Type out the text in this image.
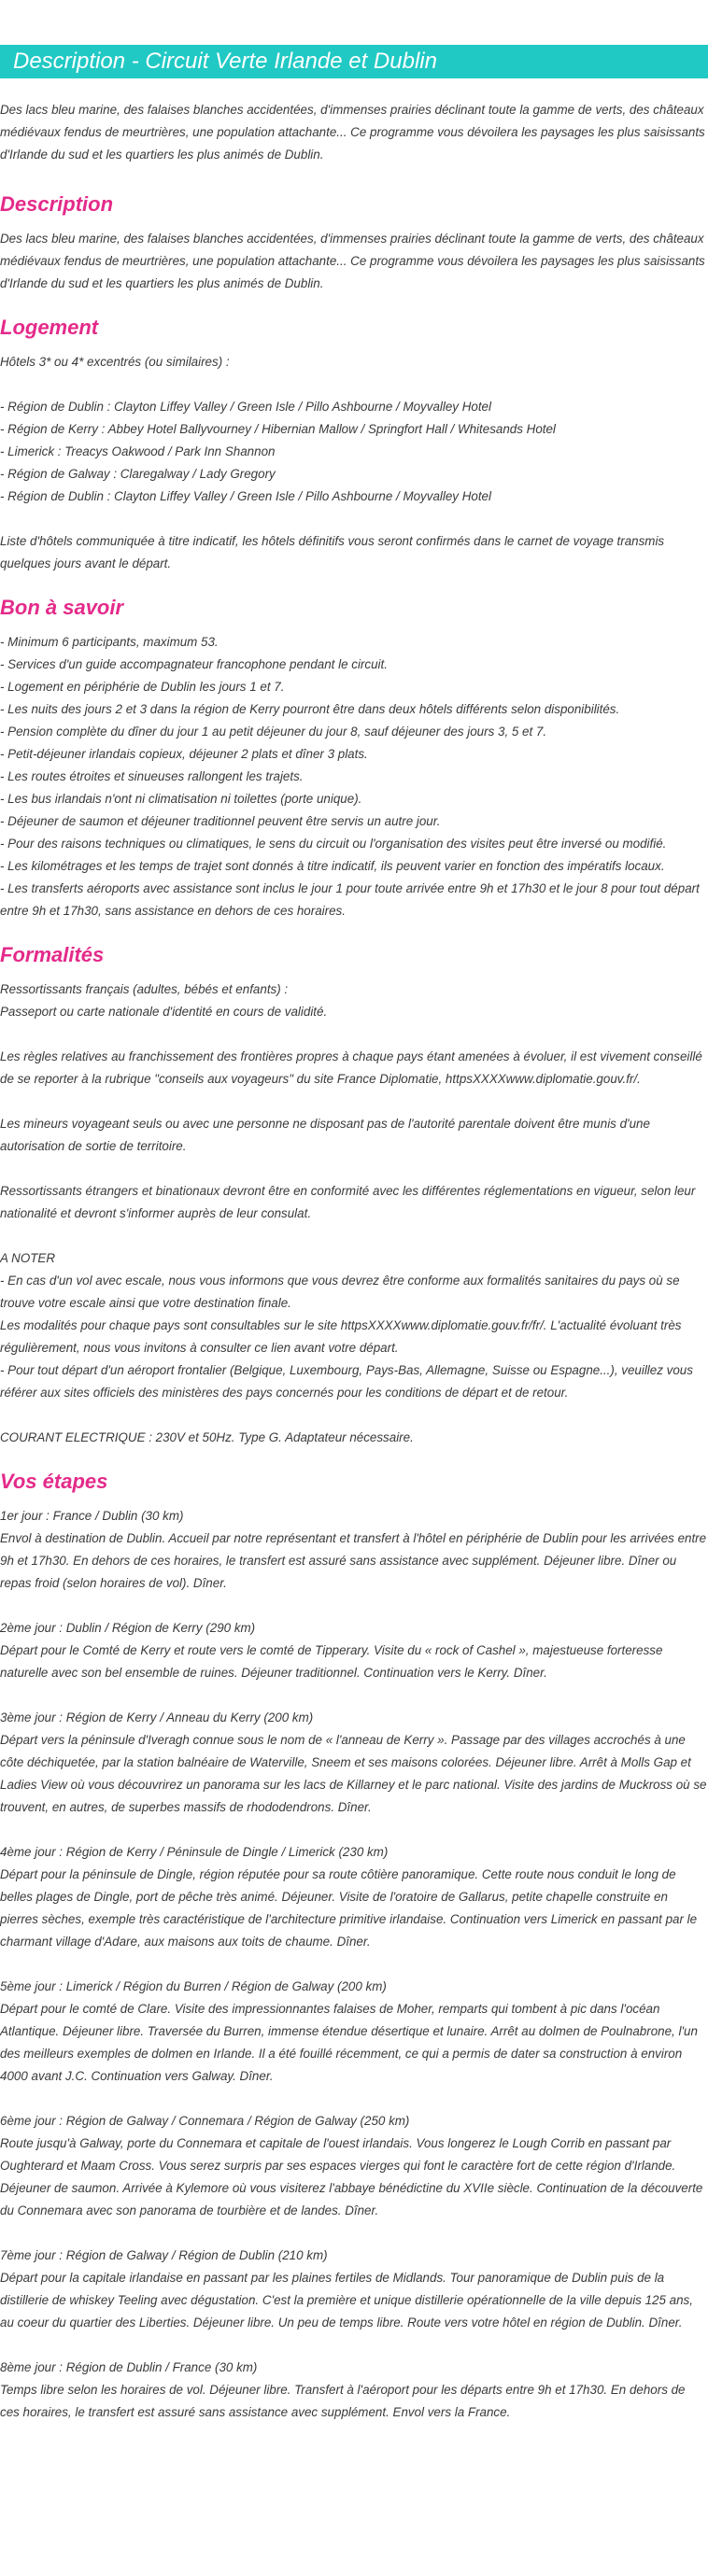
Description - Circuit Verte Irlande et Dublin

Des lacs bleu marine, des falaises blanches accidentées, d'immenses prairies déclinant toute la gamme de verts, des châteaux médiévaux fendus de meurtrières, une population attachante... Ce programme vous dévoilera les paysages les plus saisissants d'Irlande du sud et les quartiers les plus animés de Dublin.

Description

Des lacs bleu marine, des falaises blanches accidentées, d'immenses prairies déclinant toute la gamme de verts, des châteaux médiévaux fendus de meurtrières, une population attachante... Ce programme vous dévoilera les paysages les plus saisissants d'Irlande du sud et les quartiers les plus animés de Dublin.

Logement

Hôtels 3* ou 4* excentrés (ou similaires) :

- Région de Dublin : Clayton Liffey Valley / Green Isle / Pillo Ashbourne / Moyvalley Hotel

- Région de Kerry : Abbey Hotel Ballyvourney / Hibernian Mallow / Springfort Hall / Whitesands Hotel

- Limerick : Treacys Oakwood / Park Inn Shannon

- Région de Galway : Claregalway / Lady Gregory

- Région de Dublin : Clayton Liffey Valley / Green Isle / Pillo Ashbourne / Moyvalley Hotel

Liste d'hôtels communiquée à titre indicatif, les hôtels définitifs vous seront confirmés dans le carnet de voyage transmis quelques jours avant le départ.

Bon à savoir

- Minimum 6 participants, maximum 53.

- Services d'un guide accompagnateur francophone pendant le circuit.

- Logement en périphérie de Dublin les jours 1 et 7.

- Les nuits des jours 2 et 3 dans la région de Kerry pourront être dans deux hôtels différents selon disponibilités.

- Pension complète du dîner du jour 1 au petit déjeuner du jour 8, sauf déjeuner des jours 3, 5 et 7.

- Petit-déjeuner irlandais copieux, déjeuner 2 plats et dîner 3 plats.

- Les routes étroites et sinueuses rallongent les trajets.

- Les bus irlandais n'ont ni climatisation ni toilettes (porte unique).

- Déjeuner de saumon et déjeuner traditionnel peuvent être servis un autre jour.

- Pour des raisons techniques ou climatiques, le sens du circuit ou l'organisation des visites peut être inversé ou modifié.

- Les kilométrages et les temps de trajet sont donnés à titre indicatif, ils peuvent varier en fonction des impératifs locaux.

- Les transferts aéroports avec assistance sont inclus le jour 1 pour toute arrivée entre 9h et 17h30 et le jour 8 pour tout départ entre 9h et 17h30, sans assistance en dehors de ces horaires.

Formalités

Ressortissants français (adultes, bébés et enfants) :

Passeport ou carte nationale d'identité en cours de validité.

Les règles relatives au franchissement des frontières propres à chaque pays étant amenées à évoluer, il est vivement conseillé de se reporter à la rubrique "conseils aux voyageurs" du site France Diplomatie, httpsXXXXwww.diplomatie.gouv.fr/.

Les mineurs voyageant seuls ou avec une personne ne disposant pas de l'autorité parentale doivent être munis d'une autorisation de sortie de territoire.

Ressortissants étrangers et binationaux devront être en conformité avec les différentes réglementations en vigueur, selon leur nationalité et devront s'informer auprès de leur consulat.

A NOTER

- En cas d'un vol avec escale, nous vous informons que vous devrez être conforme aux formalités sanitaires du pays où se trouve votre escale ainsi que votre destination finale.

Les modalités pour chaque pays sont consultables sur le site httpsXXXXwww.diplomatie.gouv.fr/fr/. L'actualité évoluant très régulièrement, nous vous invitons à consulter ce lien avant votre départ.

- Pour tout départ d'un aéroport frontalier (Belgique, Luxembourg, Pays-Bas, Allemagne, Suisse ou Espagne...), veuillez vous référer aux sites officiels des ministères des pays concernés pour les conditions de départ et de retour.

COURANT ELECTRIQUE : 230V et 50Hz. Type G. Adaptateur nécessaire.

Vos étapes

1er jour : France / Dublin (30 km)

Envol à destination de Dublin. Accueil par notre représentant et transfert à l'hôtel en périphérie de Dublin pour les arrivées entre 9h et 17h30. En dehors de ces horaires, le transfert est assuré sans assistance avec supplément. Déjeuner libre. Dîner ou repas froid (selon horaires de vol). Dîner.

2ème jour : Dublin / Région de Kerry (290 km)

Départ pour le Comté de Kerry et route vers le comté de Tipperary. Visite du « rock of Cashel », majestueuse forteresse naturelle avec son bel ensemble de ruines. Déjeuner traditionnel. Continuation vers le Kerry. Dîner.

3ème jour : Région de Kerry / Anneau du Kerry (200 km)

Départ vers la péninsule d'Iveragh connue sous le nom de « l'anneau de Kerry ». Passage par des villages accrochés à une côte déchiquetée, par la station balnéaire de Waterville, Sneem et ses maisons colorées. Déjeuner libre. Arrêt à Molls Gap et Ladies View où vous découvrirez un panorama sur les lacs de Killarney et le parc national. Visite des jardins de Muckross où se trouvent, en autres, de superbes massifs de rhododendrons. Dîner.

4ème jour : Région de Kerry / Péninsule de Dingle / Limerick (230 km)

Départ pour la péninsule de Dingle, région réputée pour sa route côtière panoramique. Cette route nous conduit le long de belles plages de Dingle, port de pêche très animé. Déjeuner. Visite de l'oratoire de Gallarus, petite chapelle construite en pierres sèches, exemple très caractéristique de l'architecture primitive irlandaise. Continuation vers Limerick en passant par le charmant village d'Adare, aux maisons aux toits de chaume. Dîner.

5ème jour : Limerick / Région du Burren / Région de Galway (200 km)

Départ pour le comté de Clare. Visite des impressionnantes falaises de Moher, remparts qui tombent à pic dans l'océan Atlantique. Déjeuner libre. Traversée du Burren, immense étendue désertique et lunaire. Arrêt au dolmen de Poulnabrone, l'un des meilleurs exemples de dolmen en Irlande. Il a été fouillé récemment, ce qui a permis de dater sa construction à environ 4000 avant J.C. Continuation vers Galway. Dîner.

6ème jour : Région de Galway / Connemara / Région de Galway (250 km)

Route jusqu'à Galway, porte du Connemara et capitale de l'ouest irlandais. Vous longerez le Lough Corrib en passant par Oughterard et Maam Cross. Vous serez surpris par ses espaces vierges qui font le caractère fort de cette région d'Irlande. Déjeuner de saumon. Arrivée à Kylemore où vous visiterez l'abbaye bénédictine du XVIIe siècle. Continuation de la découverte du Connemara avec son panorama de tourbière et de landes. Dîner.

7ème jour : Région de Galway / Région de Dublin (210 km)

Départ pour la capitale irlandaise en passant par les plaines fertiles de Midlands. Tour panoramique de Dublin puis de la distillerie de whiskey Teeling avec dégustation. C'est la première et unique distillerie opérationnelle de la ville depuis 125 ans, au coeur du quartier des Liberties. Déjeuner libre. Un peu de temps libre. Route vers votre hôtel en région de Dublin. Dîner.

8ème jour : Région de Dublin / France (30 km)

Temps libre selon les horaires de vol. Déjeuner libre. Transfert à l'aéroport pour les départs entre 9h et 17h30. En dehors de ces horaires, le transfert est assuré sans assistance avec supplément. Envol vers la France.
